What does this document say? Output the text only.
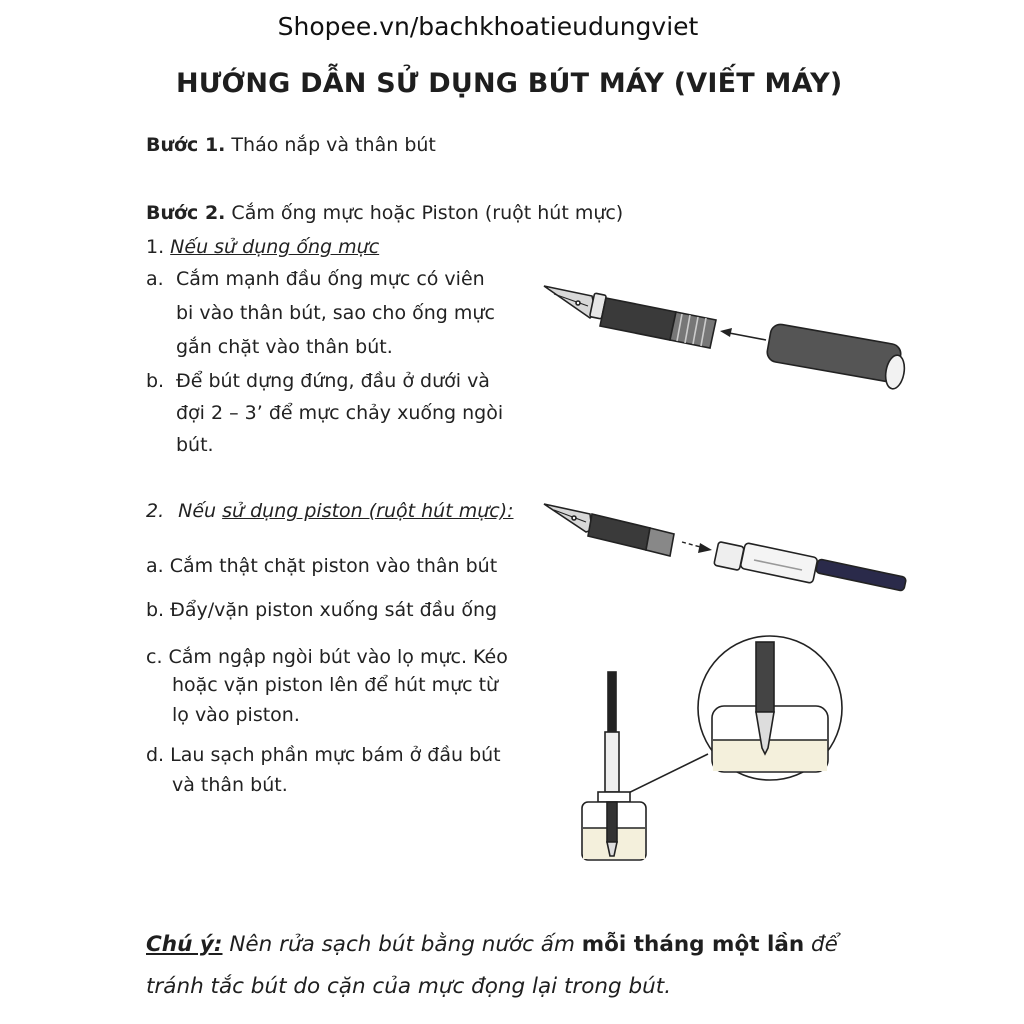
Shopee.vn/bachkhoatieudungviet
HƯỚNG DẪN SỬ DỤNG BÚT MÁY (VIẾT MÁY)
Bước 1. Tháo nắp và thân bút
Bước 2. Cắm ống mực hoặc Piston (ruột hút mực)
1. Nếu sử dụng ống mực
a. Cắm mạnh đầu ống mực có viên
bi vào thân bút, sao cho ống mực
gắn chặt vào thân bút.
b. Để bút dựng đứng, đầu ở dưới và
đợi 2 – 3’ để mực chảy xuống ngòi
bút.
2. Nếu sử dụng piston (ruột hút mực):
a. Cắm thật chặt piston vào thân bút
b. Đẩy/vặn piston xuống sát đầu ống
c. Cắm ngập ngòi bút vào lọ mực. Kéo
hoặc vặn piston lên để hút mực từ
lọ vào piston.
d. Lau sạch phần mực bám ở đầu bút
và thân bút.
Chú ý: Nên rửa sạch bút bằng nước ấm mỗi tháng một lần để
tránh tắc bút do cặn của mực đọng lại trong bút.
